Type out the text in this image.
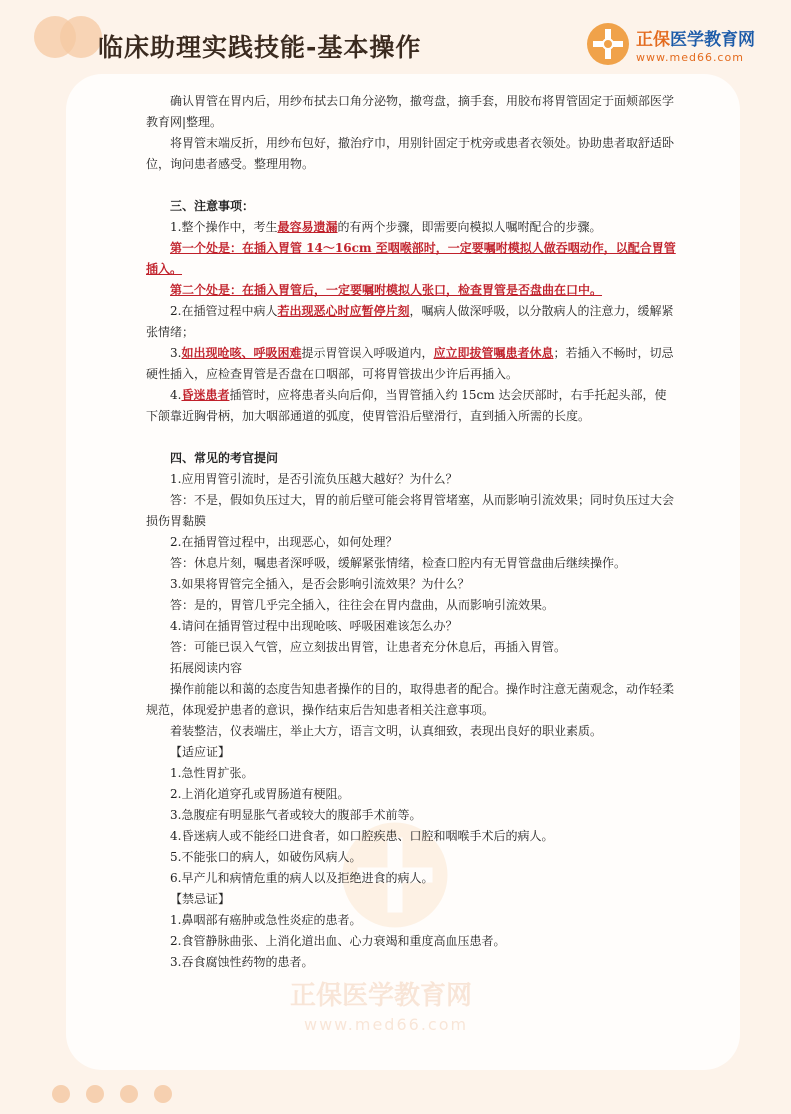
临床助理实践技能-基本操作	正保医学教育网
www.med66.com

确认胃管在胃内后，用纱布拭去口角分泌物，撤弯盘，摘手套，用胶布将胃管固定于面颊部医学教育网|整理。

将胃管末端反折，用纱布包好，撤治疗巾，用别针固定于枕旁或患者衣领处。协助患者取舒适卧位，询问患者感受。整理用物。

三、注意事项：

1.整个操作中，考生最容易遗漏的有两个步骤，即需要向模拟人嘱咐配合的步骤。

第一个处是：在插入胃管 14～16cm 至咽喉部时，一定要嘱咐模拟人做吞咽动作，以配合胃管插入。

第二个处是：在插入胃管后，一定要嘱咐模拟人张口，检查胃管是否盘曲在口中。

2.在插管过程中病人若出现恶心时应暂停片刻，嘱病人做深呼吸，以分散病人的注意力，缓解紧张情绪；

3.如出现呛咳、呼吸困难提示胃管误入呼吸道内，应立即拔管嘱患者休息；若插入不畅时，切忌硬性插入，应检查胃管是否盘在口咽部，可将胃管拔出少许后再插入。

4.昏迷患者插管时，应将患者头向后仰，当胃管插入约 15cm 达会厌部时，右手托起头部，使下颌靠近胸骨柄，加大咽部通道的弧度，使胃管沿后壁滑行，直到插入所需的长度。

四、常见的考官提问

1.应用胃管引流时，是否引流负压越大越好？为什么？

答：不是，假如负压过大，胃的前后壁可能会将胃管堵塞，从而影响引流效果；同时负压过大会损伤胃黏膜

2.在插胃管过程中，出现恶心，如何处理？

答：休息片刻，嘱患者深呼吸，缓解紧张情绪，检查口腔内有无胃管盘曲后继续操作。

3.如果将胃管完全插入，是否会影响引流效果？为什么？

答：是的，胃管几乎完全插入，往往会在胃内盘曲，从而影响引流效果。

4.请问在插胃管过程中出现呛咳、呼吸困难该怎么办？

答：可能已误入气管，应立刻拔出胃管，让患者充分休息后，再插入胃管。

拓展阅读内容

操作前能以和蔼的态度告知患者操作的目的，取得患者的配合。操作时注意无菌观念，动作轻柔规范，体现爱护患者的意识，操作结束后告知患者相关注意事项。

着装整洁，仪表端庄，举止大方，语言文明，认真细致，表现出良好的职业素质。

【适应证】

1.急性胃扩张。

2.上消化道穿孔或胃肠道有梗阻。

3.急腹症有明显胀气者或较大的腹部手术前等。

4.昏迷病人或不能经口进食者，如口腔疾患、口腔和咽喉手术后的病人。

5.不能张口的病人，如破伤风病人。

6.早产儿和病情危重的病人以及拒绝进食的病人。

【禁忌证】

1.鼻咽部有癌肿或急性炎症的患者。

2.食管静脉曲张、上消化道出血、心力衰竭和重度高血压患者。

3.吞食腐蚀性药物的患者。

正保医学教育网
www.med66.com
